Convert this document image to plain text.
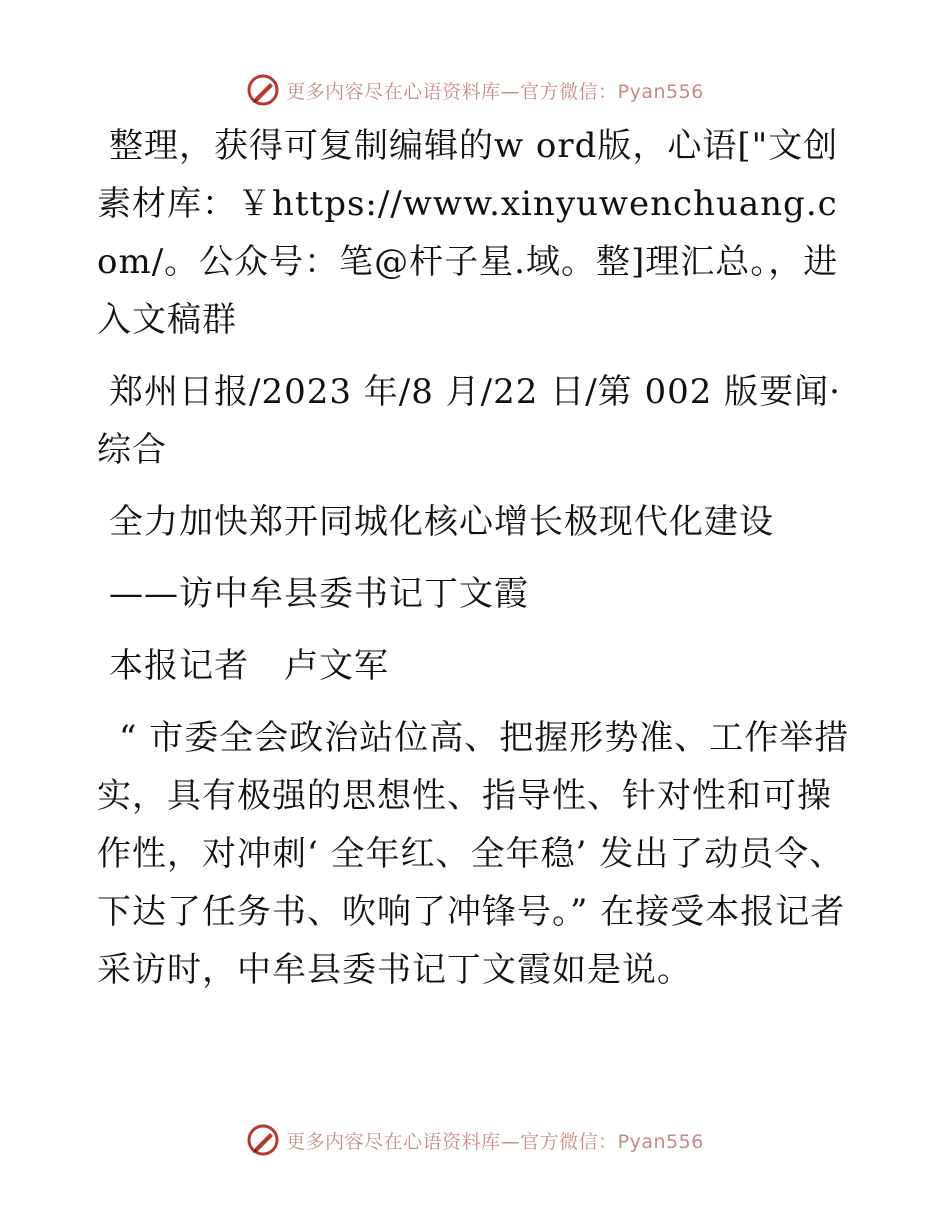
更多内容尽在心语资料库—官方微信：Pyan556

整理，获得可复制编辑的w ord版，心语["文创素材库：￥https://www.xinyuwenchuang.com/。公众号：笔@杆子星.域。整]理汇总。，进入文稿群

郑州日报/2023 年/8 月/22 日/第 002 版要闻·综合

全力加快郑开同城化核心增长极现代化建设

——访中牟县委书记丁文霞

本报记者　卢文军

“ 市委全会政治站位高、把握形势准、工作举措实，具有极强的思想性、指导性、针对性和可操作性，对冲刺‘ 全年红、全年稳’ 发出了动员令、下达了任务书、吹响了冲锋号。” 在接受本报记者采访时，中牟县委书记丁文霞如是说。

更多内容尽在心语资料库—官方微信：Pyan556
